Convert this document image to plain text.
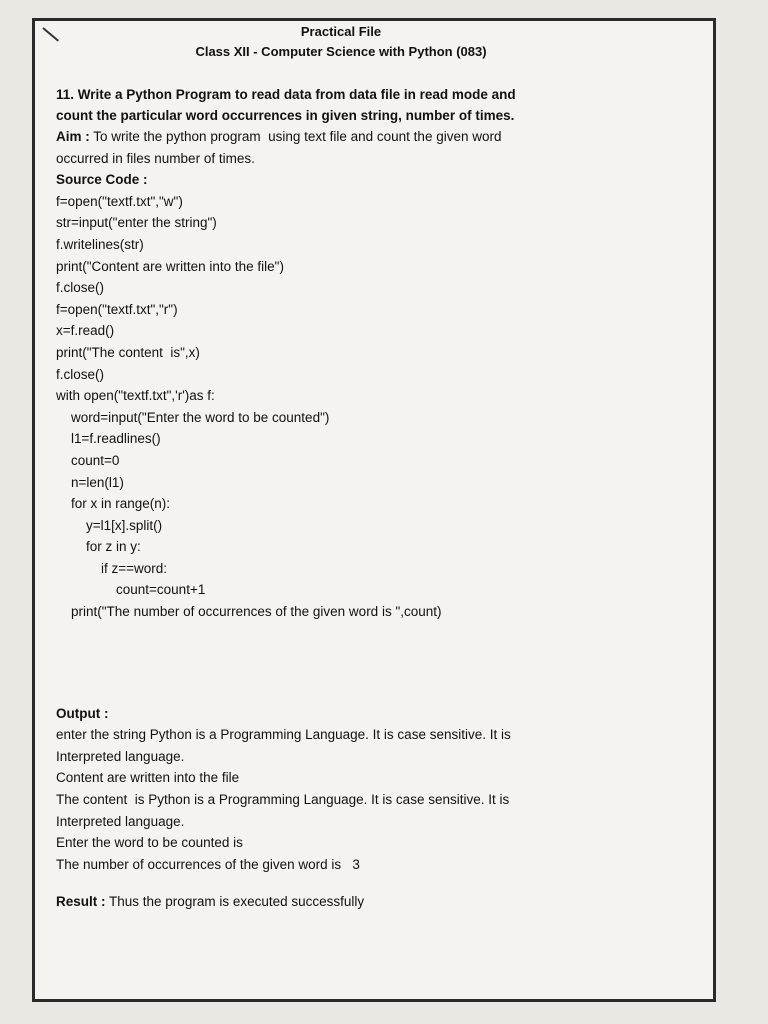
Practical File
Class XII - Computer Science with Python (083)
11. Write a Python Program to read data from data file in read mode and
count the particular word occurrences in given string, number of times.
Aim : To write the python program  using text file and count the given word
occurred in files number of times.
Source Code :
f=open("textf.txt","w")
str=input("enter the string")
f.writelines(str)
print("Content are written into the file")
f.close()
f=open("textf.txt","r")
x=f.read()
print("The content  is",x)
f.close()
with open("textf.txt",'r')as f:
word=input("Enter the word to be counted")
l1=f.readlines()
count=0
n=len(l1)
for x in range(n):
y=l1[x].split()
for z in y:
if z==word:
count=count+1
print("The number of occurrences of the given word is ",count)
Output :
enter the string Python is a Programming Language. It is case sensitive. It is
Interpreted language.
Content are written into the file
The content  is Python is a Programming Language. It is case sensitive. It is
Interpreted language.
Enter the word to be counted is
The number of occurrences of the given word is   3
Result : Thus the program is executed successfully
